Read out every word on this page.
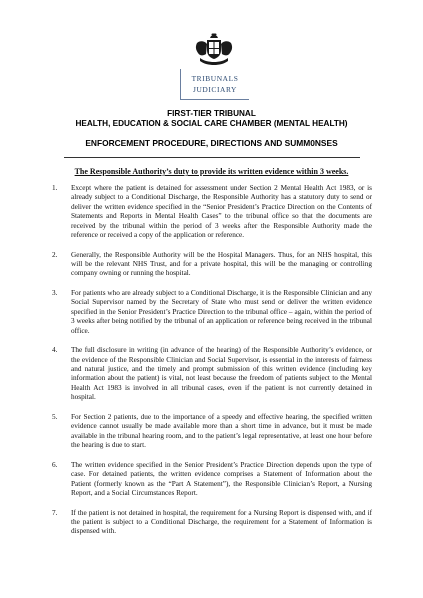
TRIBUNALS
JUDICIARY
FIRST-TIER TRIBUNAL
HEALTH, EDUCATION & SOCIAL CARE CHAMBER (MENTAL HEALTH)
ENFORCEMENT PROCEDURE, DIRECTIONS AND SUMM0NSES
The Responsible Authority’s duty to provide its written evidence within 3 weeks.
1. Except where the patient is detained for assessment under Section 2 Mental Health Act 1983, or is already subject to a Conditional Discharge, the Responsible Authority has a statutory duty to send or deliver the written evidence specified in the “Senior President’s Practice Direction on the Contents of Statements and Reports in Mental Health Cases” to the tribunal office so that the documents are received by the tribunal within the period of 3 weeks after the Responsible Authority made the reference or received a copy of the application or reference.
2. Generally, the Responsible Authority will be the Hospital Managers. Thus, for an NHS hospital, this will be the relevant NHS Trust, and for a private hospital, this will be the managing or controlling company owning or running the hospital.
3. For patients who are already subject to a Conditional Discharge, it is the Responsible Clinician and any Social Supervisor named by the Secretary of State who must send or deliver the written evidence specified in the Senior President’s Practice Direction to the tribunal office – again, within the period of 3 weeks after being notified by the tribunal of an application or reference being received in the tribunal office.
4. The full disclosure in writing (in advance of the hearing) of the Responsible Authority’s evidence, or the evidence of the Responsible Clinician and Social Supervisor, is essential in the interests of fairness and natural justice, and the timely and prompt submission of this written evidence (including key information about the patient) is vital, not least because the freedom of patients subject to the Mental Health Act 1983 is involved in all tribunal cases, even if the patient is not currently detained in hospital.
5. For Section 2 patients, due to the importance of a speedy and effective hearing, the specified written evidence cannot usually be made available more than a short time in advance, but it must be made available in the tribunal hearing room, and to the patient’s legal representative, at least one hour before the hearing is due to start.
6. The written evidence specified in the Senior President’s Practice Direction depends upon the type of case. For detained patients, the written evidence comprises a Statement of Information about the Patient (formerly known as the “Part A Statement”), the Responsible Clinician’s Report, a Nursing Report, and a Social Circumstances Report.
7. If the patient is not detained in hospital, the requirement for a Nursing Report is dispensed with, and if the patient is subject to a Conditional Discharge, the requirement for a Statement of Information is dispensed with.
